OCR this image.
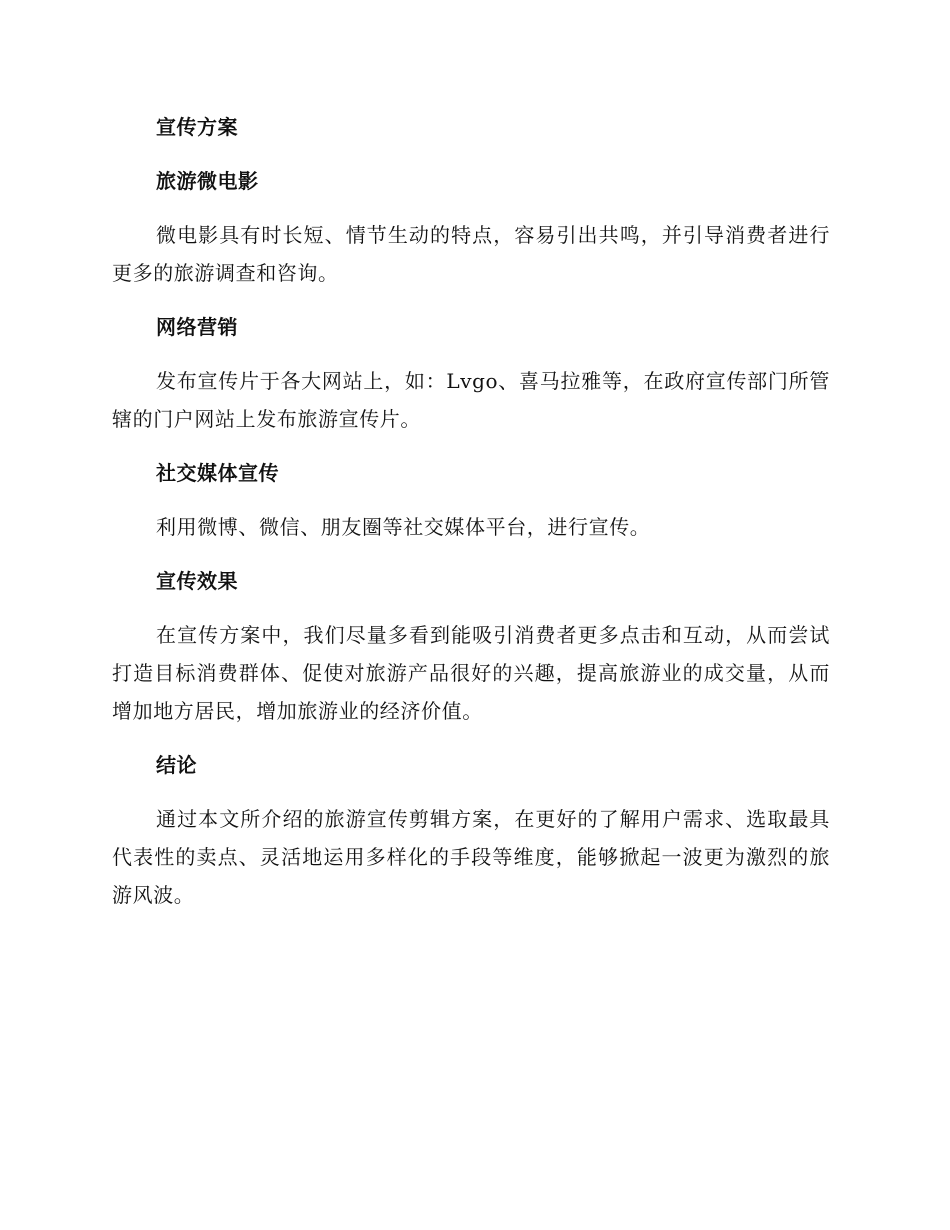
宣传方案
旅游微电影
微电影具有时长短、情节生动的特点，容易引出共鸣，并引导消费者进行更多的旅游调查和咨询。
网络营销
发布宣传片于各大网站上，如：Lvgo、喜马拉雅等，在政府宣传部门所管辖的门户网站上发布旅游宣传片。
社交媒体宣传
利用微博、微信、朋友圈等社交媒体平台，进行宣传。
宣传效果
在宣传方案中，我们尽量多看到能吸引消费者更多点击和互动，从而尝试打造目标消费群体、促使对旅游产品很好的兴趣，提高旅游业的成交量，从而增加地方居民，增加旅游业的经济价值。
结论
通过本文所介绍的旅游宣传剪辑方案，在更好的了解用户需求、选取最具代表性的卖点、灵活地运用多样化的手段等维度，能够掀起一波更为激烈的旅游风波。
